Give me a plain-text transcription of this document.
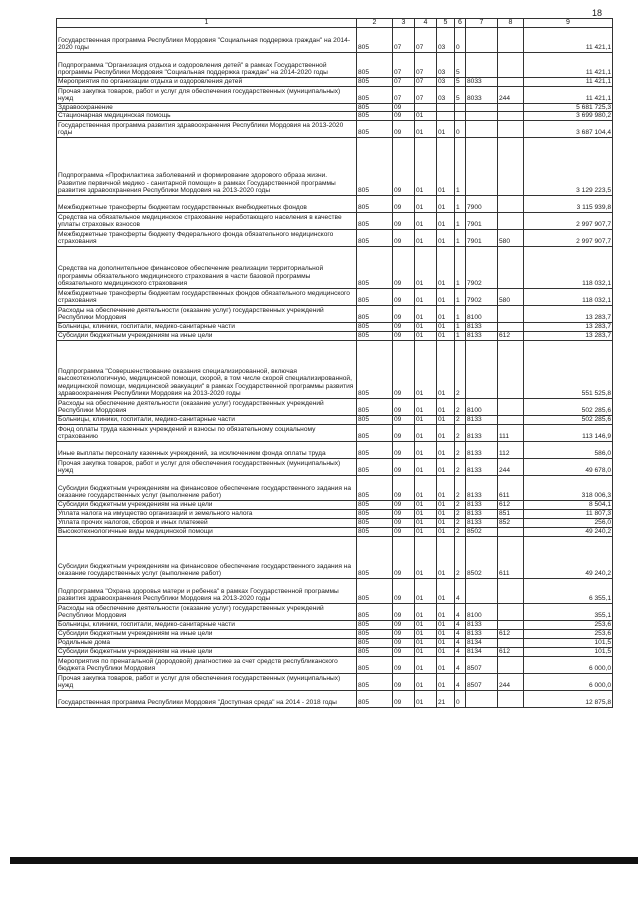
18
1	2	3	4	5	6	7	8	9
Государственная программа Республики Мордовия "Социальная поддержка граждан" на 2014-2020 годы	805	07	07	03	0			11 421,1
Подпрограмма "Организация отдыха и оздоровления детей" в рамках Государственной программы Республики Мордовия "Социальная поддержка граждан" на 2014-2020 годы	805	07	07	03	5			11 421,1
Мероприятия по организации отдыха и оздоровления детей	805	07	07	03	5	8033		11 421,1
Прочая закупка товаров, работ и услуг для обеспечения государственных (муниципальных) нужд	805	07	07	03	5	8033	244	11 421,1
Здравоохранение	805	09						5 681 725,3
Стационарная медицинская помощь	805	09	01					3 699 980,2
Государственная программа развития здравоохранения Республики Мордовия на 2013-2020 годы	805	09	01	01	0			3 687 104,4
Подпрограмма «Профилактика заболеваний и формирование здорового образа жизни. Развитие первичной медико - санитарной помощи» в рамках Государственной программы развития здравоохранения Республики Мордовия на 2013-2020 годы	805	09	01	01	1			3 129 223,5
Межбюджетные трансферты бюджетам государственных внебюджетных фондов	805	09	01	01	1	7900		3 115 939,8
Средства на обязательное медицинское страхование неработающего населения в качестве уплаты страховых взносов	805	09	01	01	1	7901		2 997 907,7
Межбюджетные трансферты бюджету Федерального фонда обязательного медицинского страхования	805	09	01	01	1	7901	580	2 997 907,7
Средства на дополнительное финансовое обеспечение реализации территориальной программы обязательного медицинского страхования в части базовой программы обязательного медицинского страхования	805	09	01	01	1	7902		118 032,1
Межбюджетные трансферты бюджетам государственных фондов обязательного медицинского страхования	805	09	01	01	1	7902	580	118 032,1
Расходы на обеспечение деятельности (оказание услуг) государственных учреждений Республики Мордовия	805	09	01	01	1	8100		13 283,7
Больницы, клиники, госпитали, медико-санитарные части	805	09	01	01	1	8133		13 283,7
Субсидии бюджетным учреждениям на иные цели	805	09	01	01	1	8133	612	13 283,7
Подпрограмма "Совершенствование оказания специализированной, включая высокотехнологичную, медицинской помощи, скорой, в том числе скорой специализированной, медицинской помощи, медицинской эвакуации" в рамках Государственной программы развития здравоохранения Республики Мордовия на 2013-2020 годы	805	09	01	01	2			551 525,8
Расходы на обеспечение деятельности (оказание услуг) государственных учреждений Республики Мордовия	805	09	01	01	2	8100		502 285,6
Больницы, клиники, госпитали, медико-санитарные части	805	09	01	01	2	8133		502 285,6
Фонд оплаты труда казенных учреждений и взносы по обязательному социальному страхованию	805	09	01	01	2	8133	111	113 146,9
Иные выплаты персоналу казенных учреждений, за исключением фонда оплаты труда	805	09	01	01	2	8133	112	586,0
Прочая закупка товаров, работ и услуг для обеспечения государственных (муниципальных) нужд	805	09	01	01	2	8133	244	49 678,0
Субсидии бюджетным учреждениям на финансовое обеспечение государственного задания на оказание государственных услуг (выполнение работ)	805	09	01	01	2	8133	611	318 006,3
Субсидии бюджетным учреждениям на иные цели	805	09	01	01	2	8133	612	8 504,1
Уплата налога на имущество организаций и земельного налога	805	09	01	01	2	8133	851	11 807,3
Уплата прочих налогов, сборов и иных платежей	805	09	01	01	2	8133	852	256,0
Высокотехнологичные виды медицинской помощи	805	09	01	01	2	8502		49 240,2
Субсидии бюджетным учреждениям на финансовое обеспечение государственного задания на оказание государственных услуг (выполнение работ)	805	09	01	01	2	8502	611	49 240,2
Подпрограмма "Охрана здоровья матери и ребенка" в рамках Государственной программы развития здравоохранения Республики Мордовия на 2013-2020 годы	805	09	01	01	4			6 355,1
Расходы на обеспечение деятельности (оказание услуг) государственных учреждений Республики Мордовия	805	09	01	01	4	8100		355,1
Больницы, клиники, госпитали, медико-санитарные части	805	09	01	01	4	8133		253,6
Субсидии бюджетным учреждениям на иные цели	805	09	01	01	4	8133	612	253,6
Родильные дома	805	09	01	01	4	8134		101,5
Субсидии бюджетным учреждениям на иные цели	805	09	01	01	4	8134	612	101,5
Мероприятия по пренатальной (дородовой) диагностике за счет средств республиканского бюджета Республики Мордовия	805	09	01	01	4	8507		6 000,0
Прочая закупка товаров, работ и услуг для обеспечения государственных (муниципальных) нужд	805	09	01	01	4	8507	244	6 000,0
Государственная программа Республики Мордовия "Доступная среда" на 2014 - 2018 годы	805	09	01	21	0			12 875,8
